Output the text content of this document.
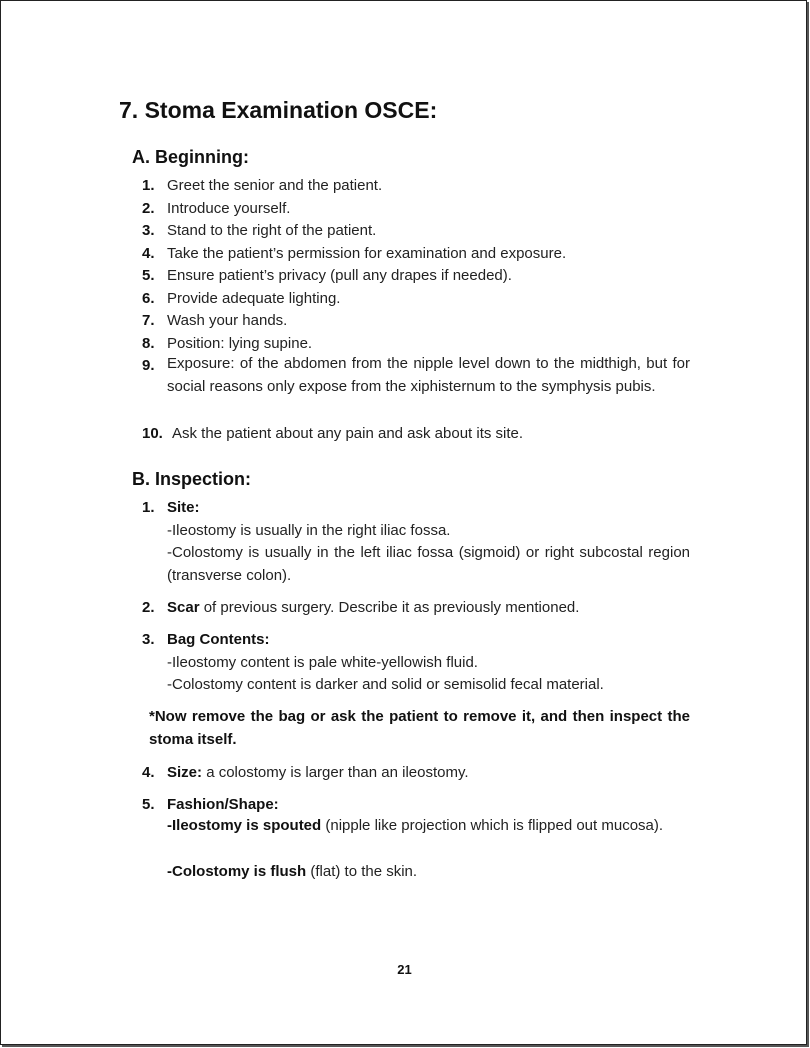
7. Stoma Examination OSCE:
A. Beginning:
1. Greet the senior and the patient.
2. Introduce yourself.
3. Stand to the right of the patient.
4. Take the patient’s permission for examination and exposure.
5. Ensure patient’s privacy (pull any drapes if needed).
6. Provide adequate lighting.
7. Wash your hands.
8. Position: lying supine.
9. Exposure: of the abdomen from the nipple level down to the midthigh, but for social reasons only expose from the xiphisternum to the symphysis pubis.
10. Ask the patient about any pain and ask about its site.
B. Inspection:
1. Site:
-Ileostomy is usually in the right iliac fossa.
-Colostomy is usually in the left iliac fossa (sigmoid) or right subcostal region (transverse colon).
2. Scar of previous surgery. Describe it as previously mentioned.
3. Bag Contents:
-Ileostomy content is pale white-yellowish fluid.
-Colostomy content is darker and solid or semisolid fecal material.
*Now remove the bag or ask the patient to remove it, and then inspect the stoma itself.
4. Size: a colostomy is larger than an ileostomy.
5. Fashion/Shape:
-Ileostomy is spouted (nipple like projection which is flipped out mucosa).
-Colostomy is flush (flat) to the skin.
21
